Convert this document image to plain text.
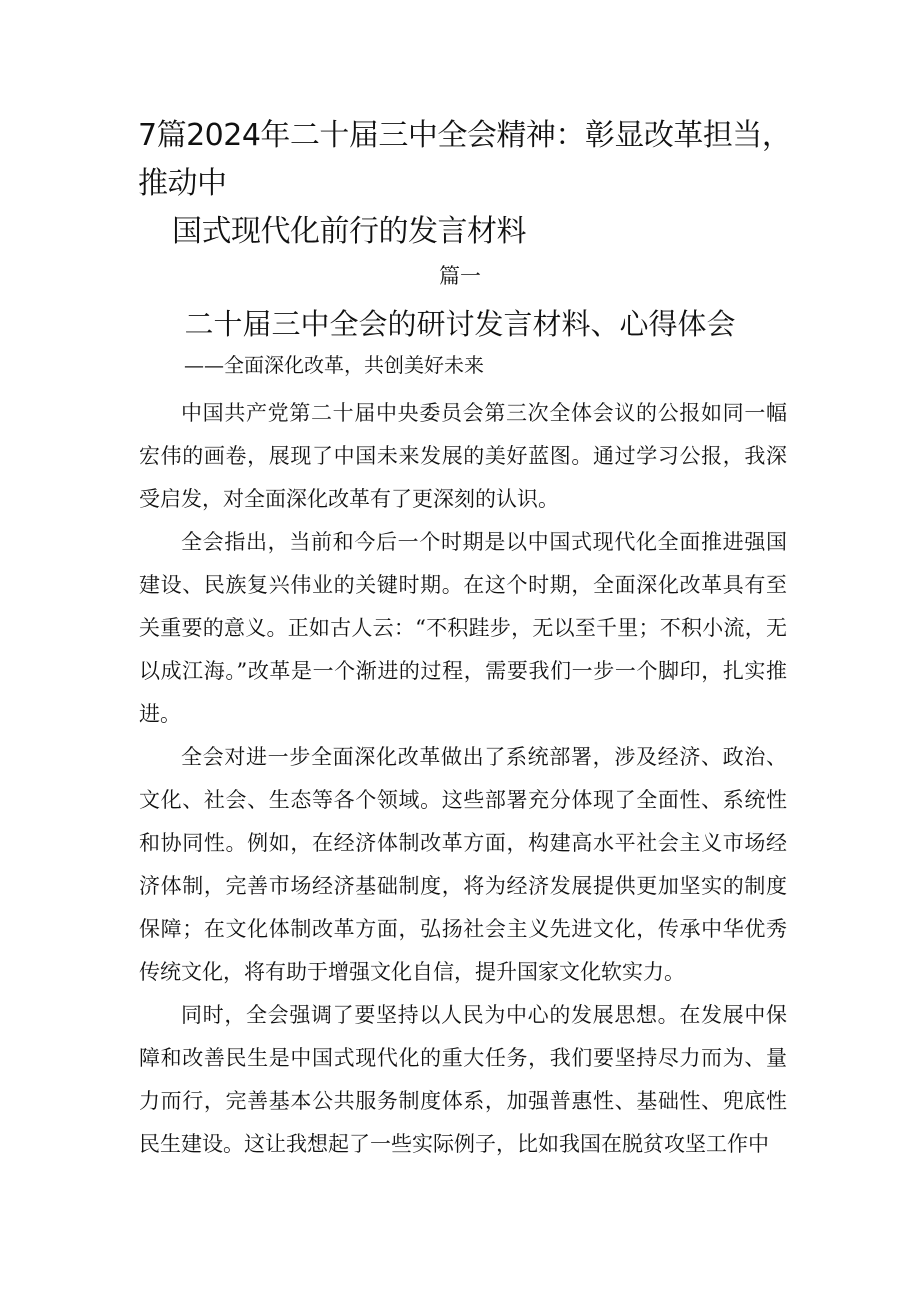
7篇2024年二十届三中全会精神：彰显改革担当，推动中
国式现代化前行的发言材料
篇一
二十届三中全会的研讨发言材料、心得体会
——全面深化改革，共创美好未来

中国共产党第二十届中央委员会第三次全体会议的公报如同一幅宏伟的画卷，展现了中国未来发展的美好蓝图。通过学习公报，我深受启发，对全面深化改革有了更深刻的认识。

全会指出，当前和今后一个时期是以中国式现代化全面推进强国建设、民族复兴伟业的关键时期。在这个时期，全面深化改革具有至关重要的意义。正如古人云：“不积跬步，无以至千里；不积小流，无以成江海。”改革是一个渐进的过程，需要我们一步一个脚印，扎实推进。

全会对进一步全面深化改革做出了系统部署，涉及经济、政治、文化、社会、生态等各个领域。这些部署充分体现了全面性、系统性和协同性。例如，在经济体制改革方面，构建高水平社会主义市场经济体制，完善市场经济基础制度，将为经济发展提供更加坚实的制度保障；在文化体制改革方面，弘扬社会主义先进文化，传承中华优秀传统文化，将有助于增强文化自信，提升国家文化软实力。

同时，全会强调了要坚持以人民为中心的发展思想。在发展中保障和改善民生是中国式现代化的重大任务，我们要坚持尽力而为、量力而行，完善基本公共服务制度体系，加强普惠性、基础性、兜底性民生建设。这让我想起了一些实际例子，比如我国在脱贫攻坚工作中
